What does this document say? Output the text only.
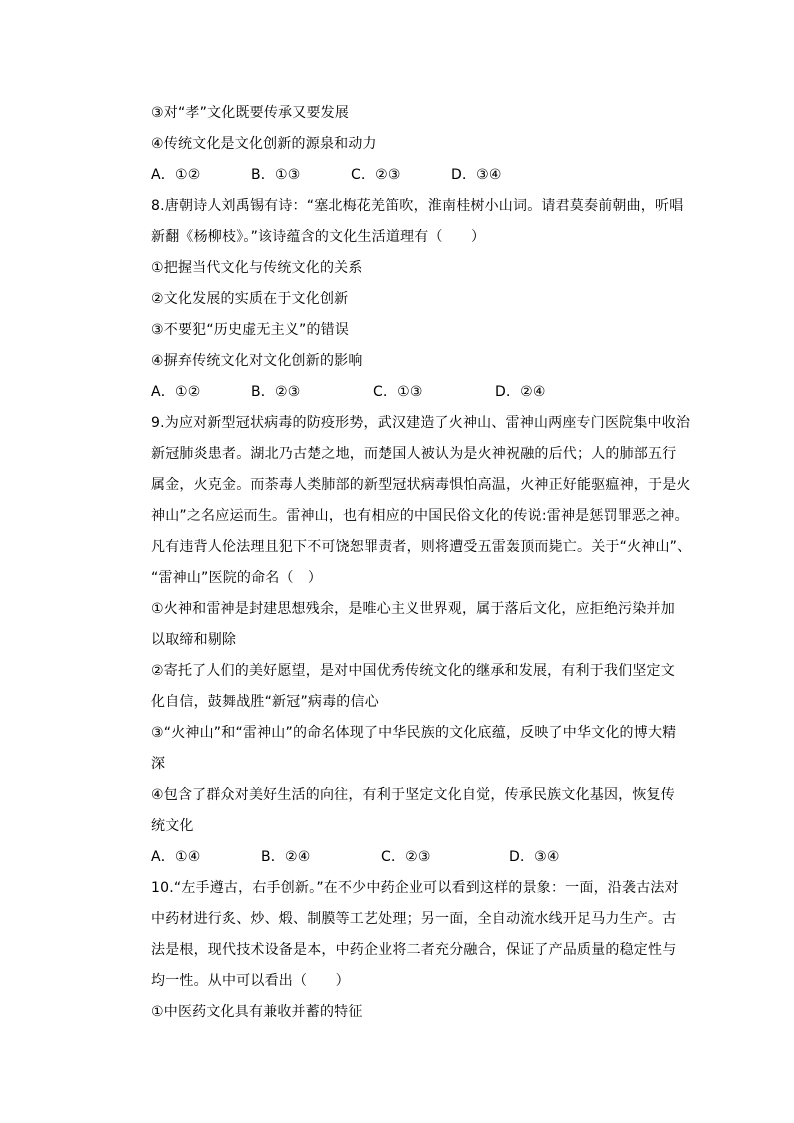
③对“孝”文化既要传承又要发展
④传统文化是文化创新的源泉和动力
A．①②	B．①③	C．②③	D．③④
8.唐朝诗人刘禹锡有诗：“塞北梅花羌笛吹，淮南桂树小山词。请君莫奏前朝曲，听唱
新翻《杨柳枝》。”该诗蕴含的文化生活道理有（　　）
①把握当代文化与传统文化的关系
②文化发展的实质在于文化创新
③不要犯“历史虚无主义”的错误
④摒弃传统文化对文化创新的影响
A．①②	B．②③	C．①③	D．②④
9.为应对新型冠状病毒的防疫形势，武汉建造了火神山、雷神山两座专门医院集中收治
新冠肺炎患者。湖北乃古楚之地，而楚国人被认为是火神祝融的后代；人的肺部五行
属金，火克金。而荼毒人类肺部的新型冠状病毒惧怕高温，火神正好能驱瘟神，于是火
神山”之名应运而生。雷神山，也有相应的中国民俗文化的传说:雷神是惩罚罪恶之神。
凡有违背人伦法理且犯下不可饶恕罪责者，则将遭受五雷轰顶而毙亡。关于“火神山”、
“雷神山”医院的命名（　）
①火神和雷神是封建思想残余，是唯心主义世界观，属于落后文化，应拒绝污染并加
以取缔和剔除
②寄托了人们的美好愿望，是对中国优秀传统文化的继承和发展，有利于我们坚定文
化自信，鼓舞战胜“新冠”病毒的信心
③“火神山”和“雷神山”的命名体现了中华民族的文化底蕴，反映了中华文化的博大精
深
④包含了群众对美好生活的向往，有利于坚定文化自觉，传承民族文化基因，恢复传
统文化
A．①④	B．②④	C．②③	D．③④
10.“左手遵古，右手创新。”在不少中药企业可以看到这样的景象：一面，沿袭古法对
中药材进行炙、炒、煅、制膜等工艺处理；另一面，全自动流水线开足马力生产。古
法是根，现代技术设备是本，中药企业将二者充分融合，保证了产品质量的稳定性与
均一性。从中可以看出（　　）
①中医药文化具有兼收并蓄的特征
